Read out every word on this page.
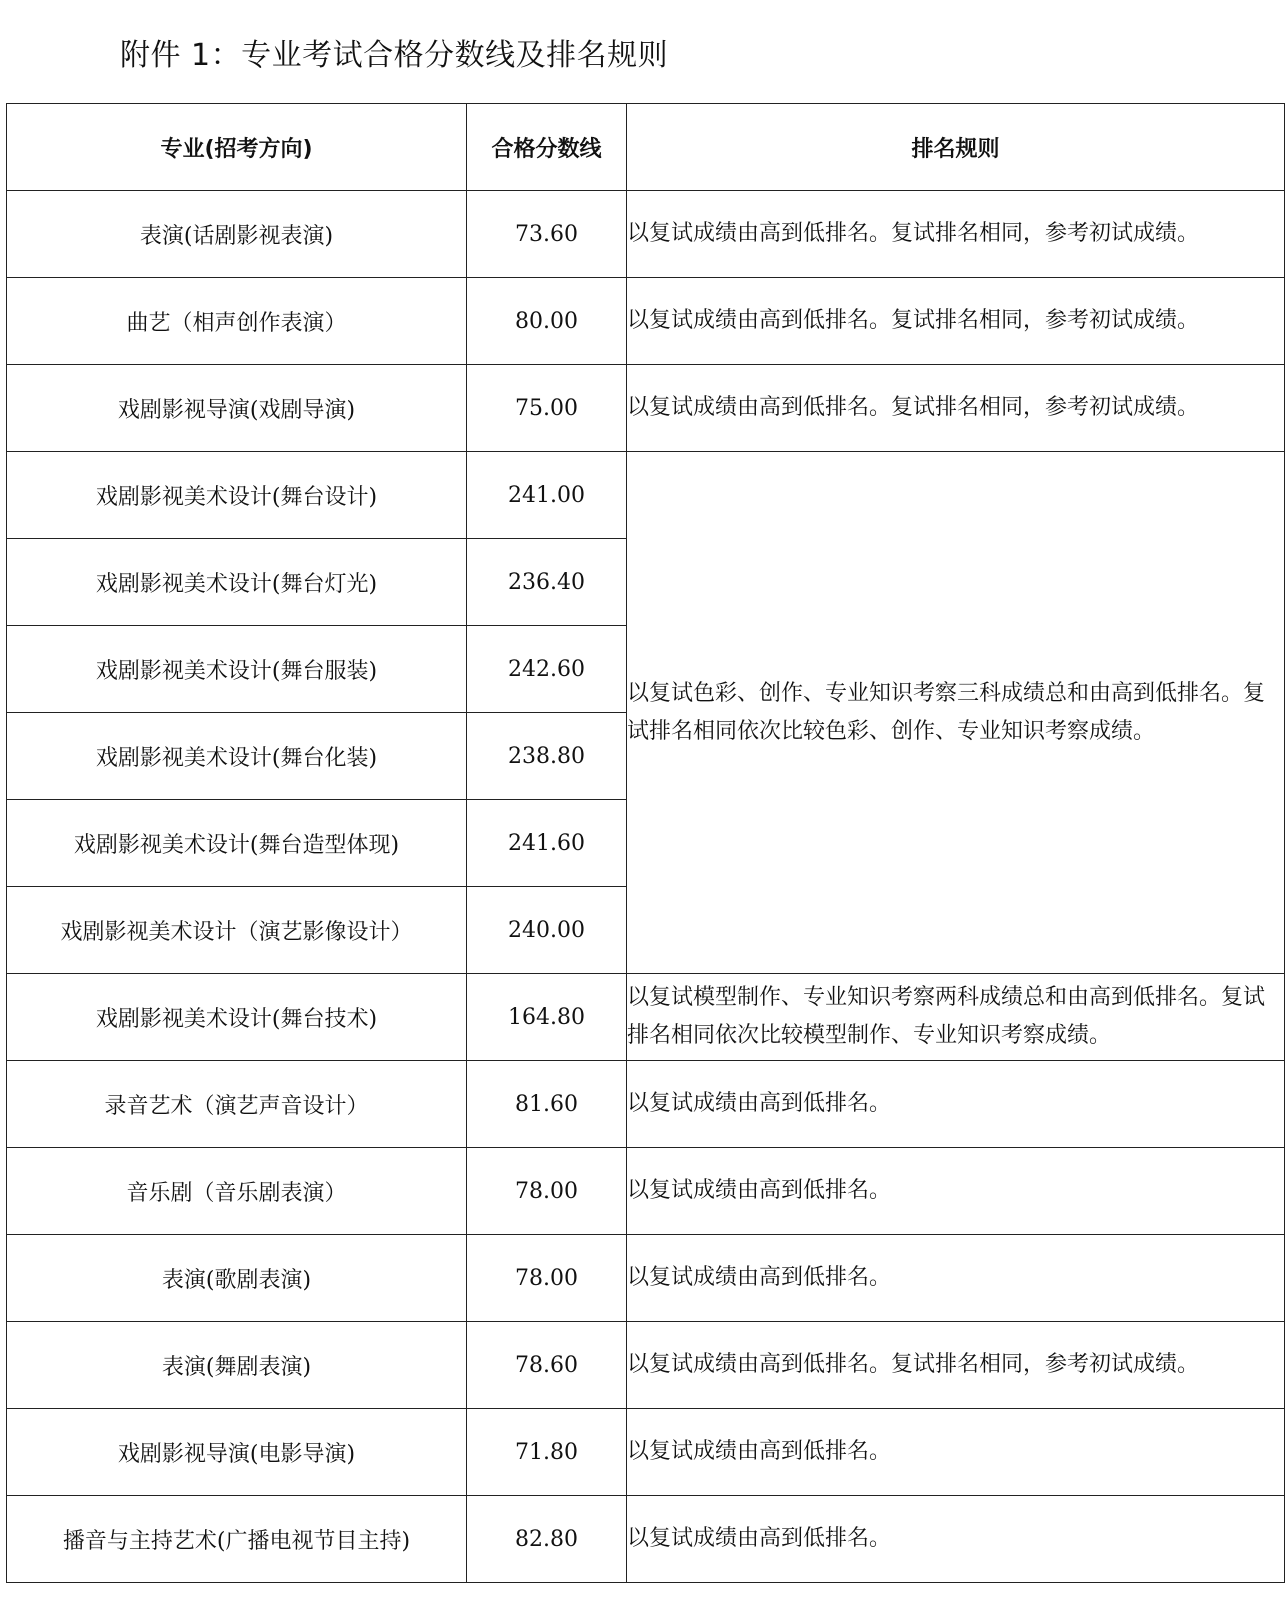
附件 1：专业考试合格分数线及排名规则
专业(招考方向)	合格分数线	排名规则
表演(话剧影视表演)	73.60	以复试成绩由高到低排名。复试排名相同，参考初试成绩。
曲艺（相声创作表演）	80.00	以复试成绩由高到低排名。复试排名相同，参考初试成绩。
戏剧影视导演(戏剧导演)	75.00	以复试成绩由高到低排名。复试排名相同，参考初试成绩。
戏剧影视美术设计(舞台设计)	241.00	以复试色彩、创作、专业知识考察三科成绩总和由高到低排名。复试排名相同依次比较色彩、创作、专业知识考察成绩。
戏剧影视美术设计(舞台灯光)	236.40	
戏剧影视美术设计(舞台服装)	242.60	
戏剧影视美术设计(舞台化装)	238.80	
戏剧影视美术设计(舞台造型体现)	241.60	
戏剧影视美术设计（演艺影像设计）	240.00	
戏剧影视美术设计(舞台技术)	164.80	以复试模型制作、专业知识考察两科成绩总和由高到低排名。复试排名相同依次比较模型制作、专业知识考察成绩。
录音艺术（演艺声音设计）	81.60	以复试成绩由高到低排名。
音乐剧（音乐剧表演）	78.00	以复试成绩由高到低排名。
表演(歌剧表演)	78.00	以复试成绩由高到低排名。
表演(舞剧表演)	78.60	以复试成绩由高到低排名。复试排名相同，参考初试成绩。
戏剧影视导演(电影导演)	71.80	以复试成绩由高到低排名。
播音与主持艺术(广播电视节目主持)	82.80	以复试成绩由高到低排名。
